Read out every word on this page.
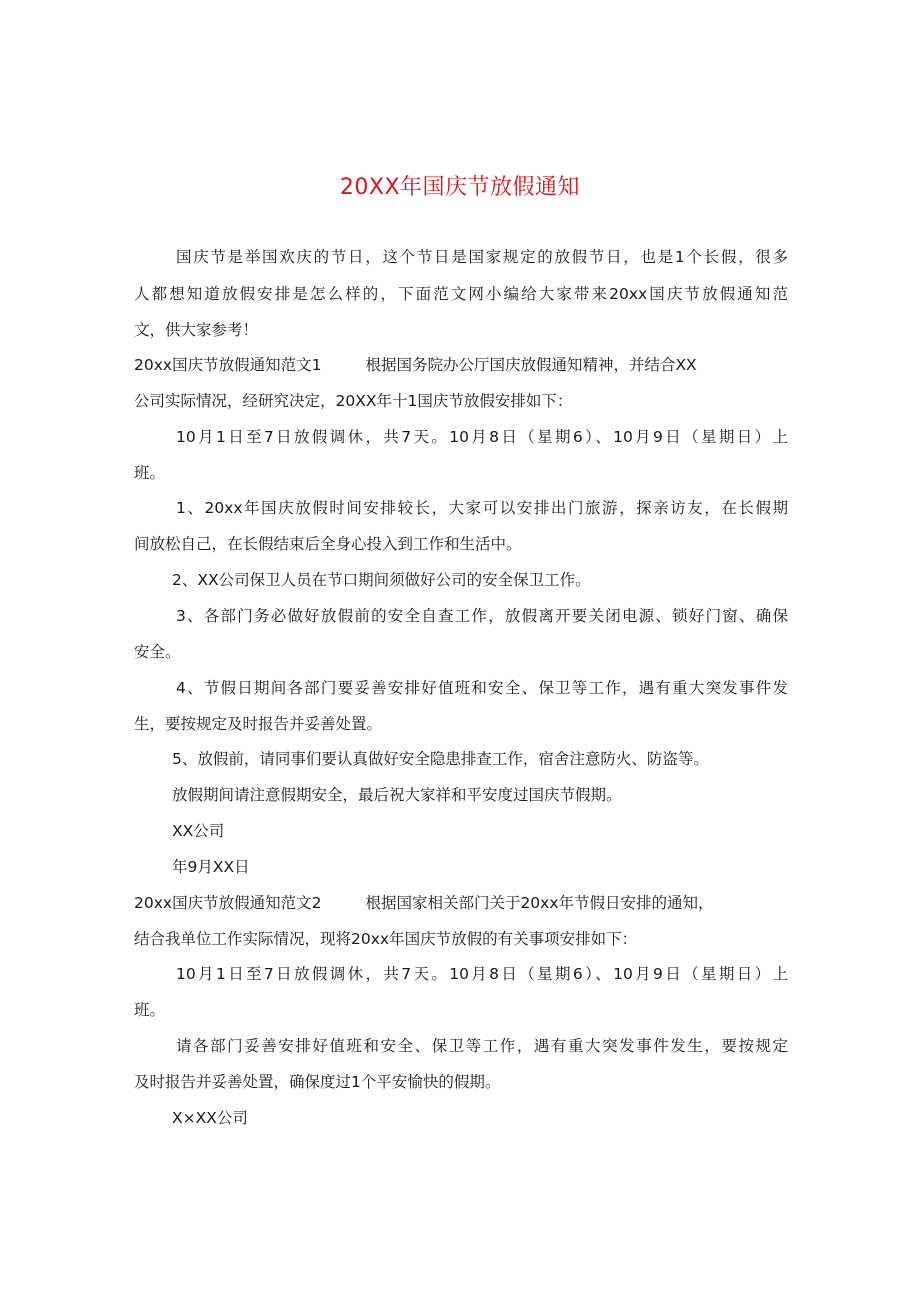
20XX年国庆节放假通知
国庆节是举国欢庆的节日，这个节日是国家规定的放假节日，也是1个长假，很多
人都想知道放假安排是怎么样的，下面范文网小编给大家带来20xx国庆节放假通知范
文，供大家参考！
20xx国庆节放假通知范文1	根据国务院办公厅国庆放假通知精神，并结合XX
公司实际情况，经研究决定，20XX年十1国庆节放假安排如下：
10月1日至7日放假调休，共7天。10月8日（星期6）、10月9日（星期日）上
班。
1、20xx年国庆放假时间安排较长，大家可以安排出门旅游，探亲访友，在长假期
间放松自己，在长假结束后全身心投入到工作和生活中。
2、XX公司保卫人员在节口期间须做好公司的安全保卫工作。
3、各部门务必做好放假前的安全自查工作，放假离开要关闭电源、锁好门窗、确保
安全。
4、节假日期间各部门要妥善安排好值班和安全、保卫等工作，遇有重大突发事件发
生，要按规定及时报告并妥善处置。
5、放假前，请同事们要认真做好安全隐患排查工作，宿舍注意防火、防盗等。
放假期间请注意假期安全，最后祝大家祥和平安度过国庆节假期。
XX公司
年9月XX日
20xx国庆节放假通知范文2	根据国家相关部门关于20xx年节假日安排的通知，
结合我单位工作实际情况，现将20xx年国庆节放假的有关事项安排如下：
10月1日至7日放假调休，共7天。10月8日（星期6）、10月9日（星期日）上
班。
请各部门妥善安排好值班和安全、保卫等工作，遇有重大突发事件发生，要按规定
及时报告并妥善处置，确保度过1个平安愉快的假期。
X×XX公司
